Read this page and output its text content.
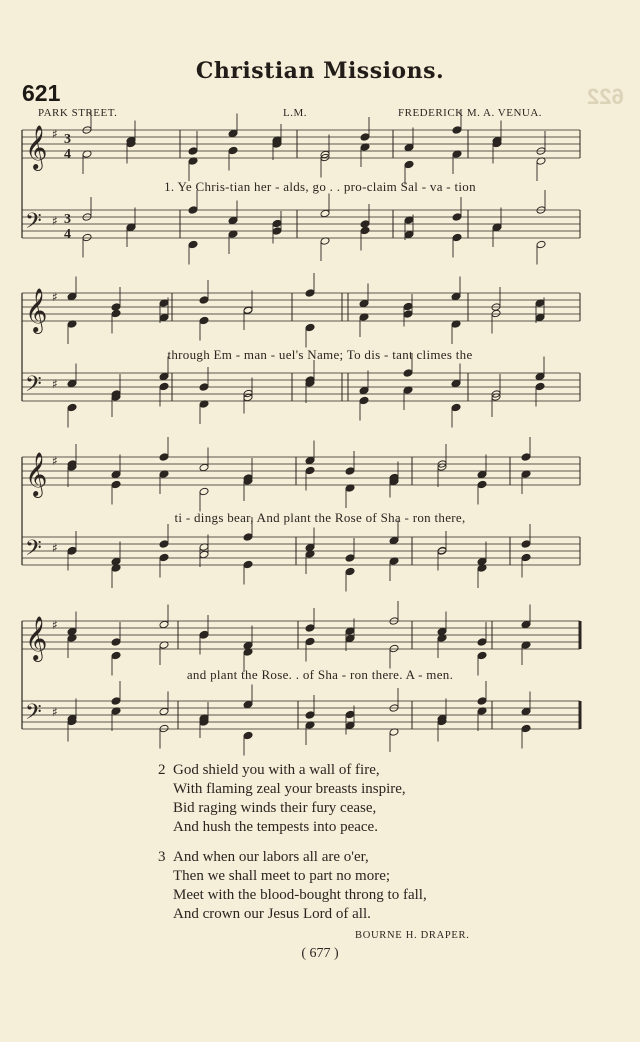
622
Christian Missions.
621
PARK STREET.	L.M.	FREDERICK M. A. VENUA.
𝄞 ♯ 3
4
𝄢 ♯ 3
4
𝄞 ♯
𝄢 ♯
𝄞 ♯
𝄢 ♯
𝄞 ♯
𝄢 ♯
1. Ye Chris-tian her - alds, go . . pro-claim Sal - va - tion
through Em - man - uel's Name; To dis - tant climes the
ti - dings bear, And plant the Rose of Sha - ron there,
and plant the Rose. . of Sha - ron there. A - men.
2 God shield you with a wall of fire,
With flaming zeal your breasts inspire,
Bid raging winds their fury cease,
And hush the tempests into peace.
3 And when our labors all are o'er,
Then we shall meet to part no more;
Meet with the blood-bought throng to fall,
And crown our Jesus Lord of all.
BOURNE H. DRAPER.
( 677 )
